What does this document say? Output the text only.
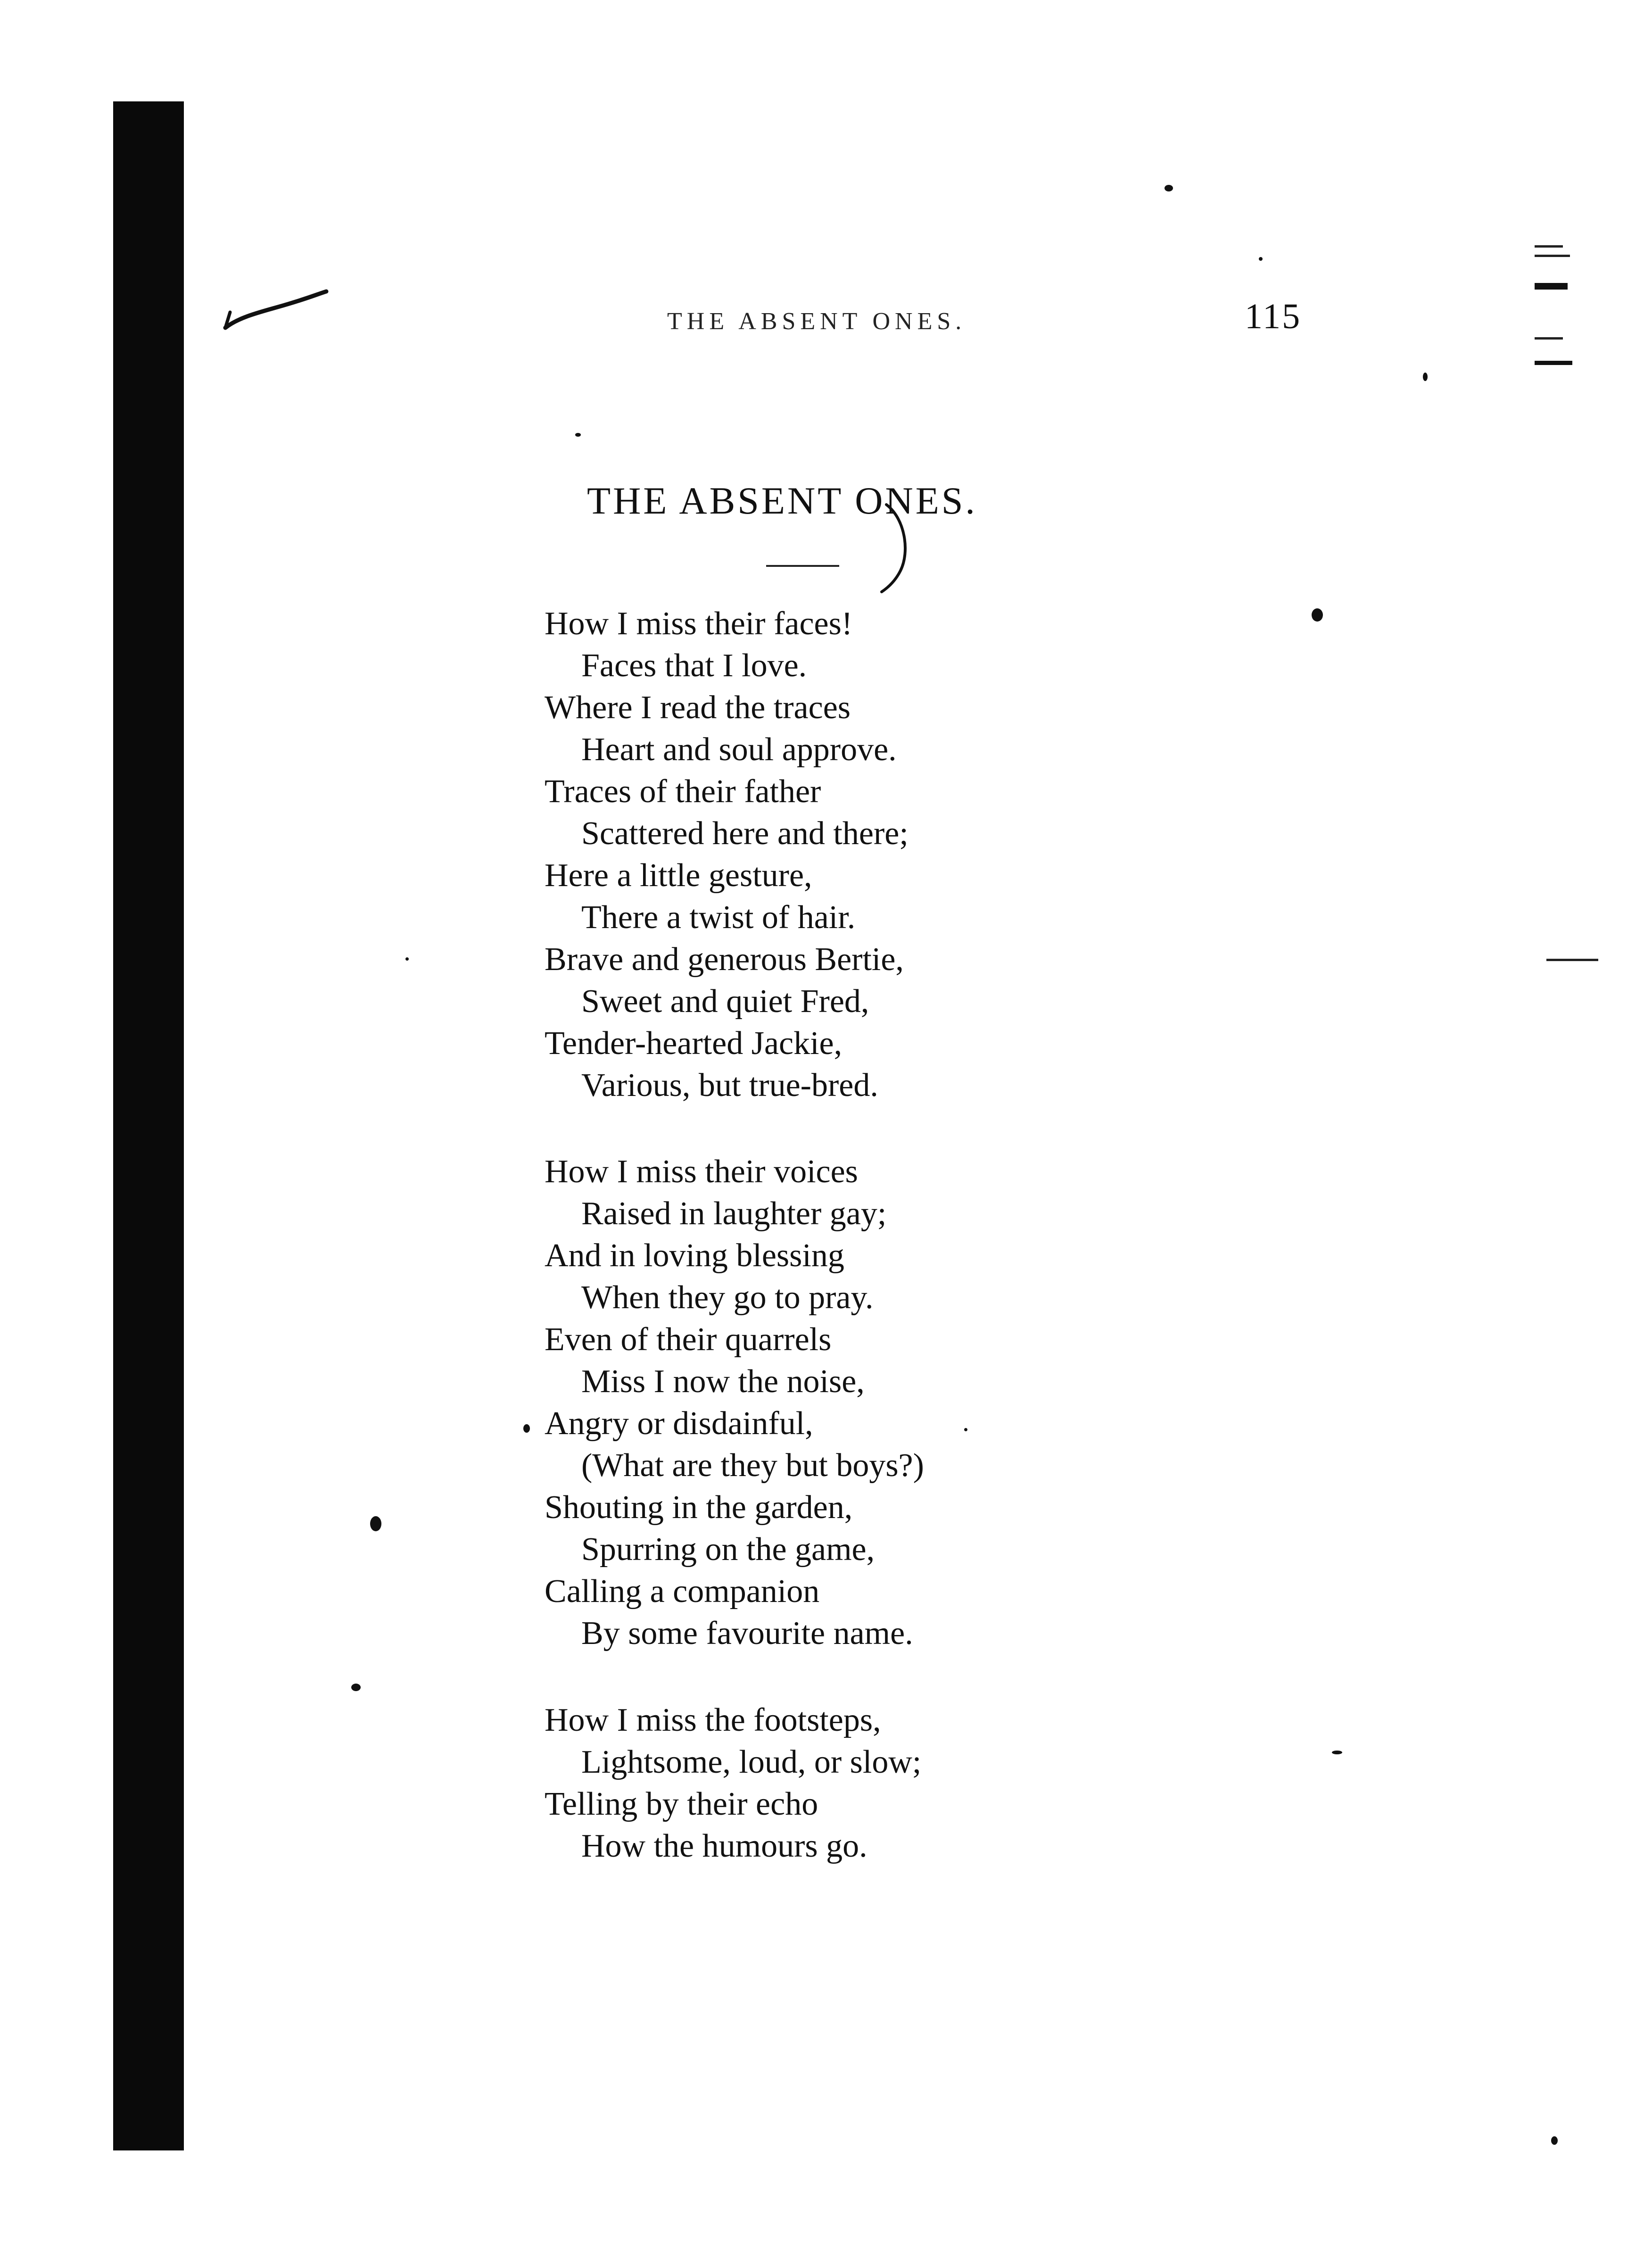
THE ABSENT ONES.	115
THE ABSENT ONES.
How I miss their faces!
Faces that I love.
Where I read the traces
Heart and soul approve.
Traces of their father
Scattered here and there;
Here a little gesture,
There a twist of hair.
Brave and generous Bertie,
Sweet and quiet Fred,
Tender-hearted Jackie,
Various, but true-bred.
How I miss their voices
Raised in laughter gay;
And in loving blessing
When they go to pray.
Even of their quarrels
Miss I now the noise,
Angry or disdainful,
(What are they but boys?)
Shouting in the garden,
Spurring on the game,
Calling a companion
By some favourite name.
How I miss the footsteps,
Lightsome, loud, or slow;
Telling by their echo
How the humours go.
